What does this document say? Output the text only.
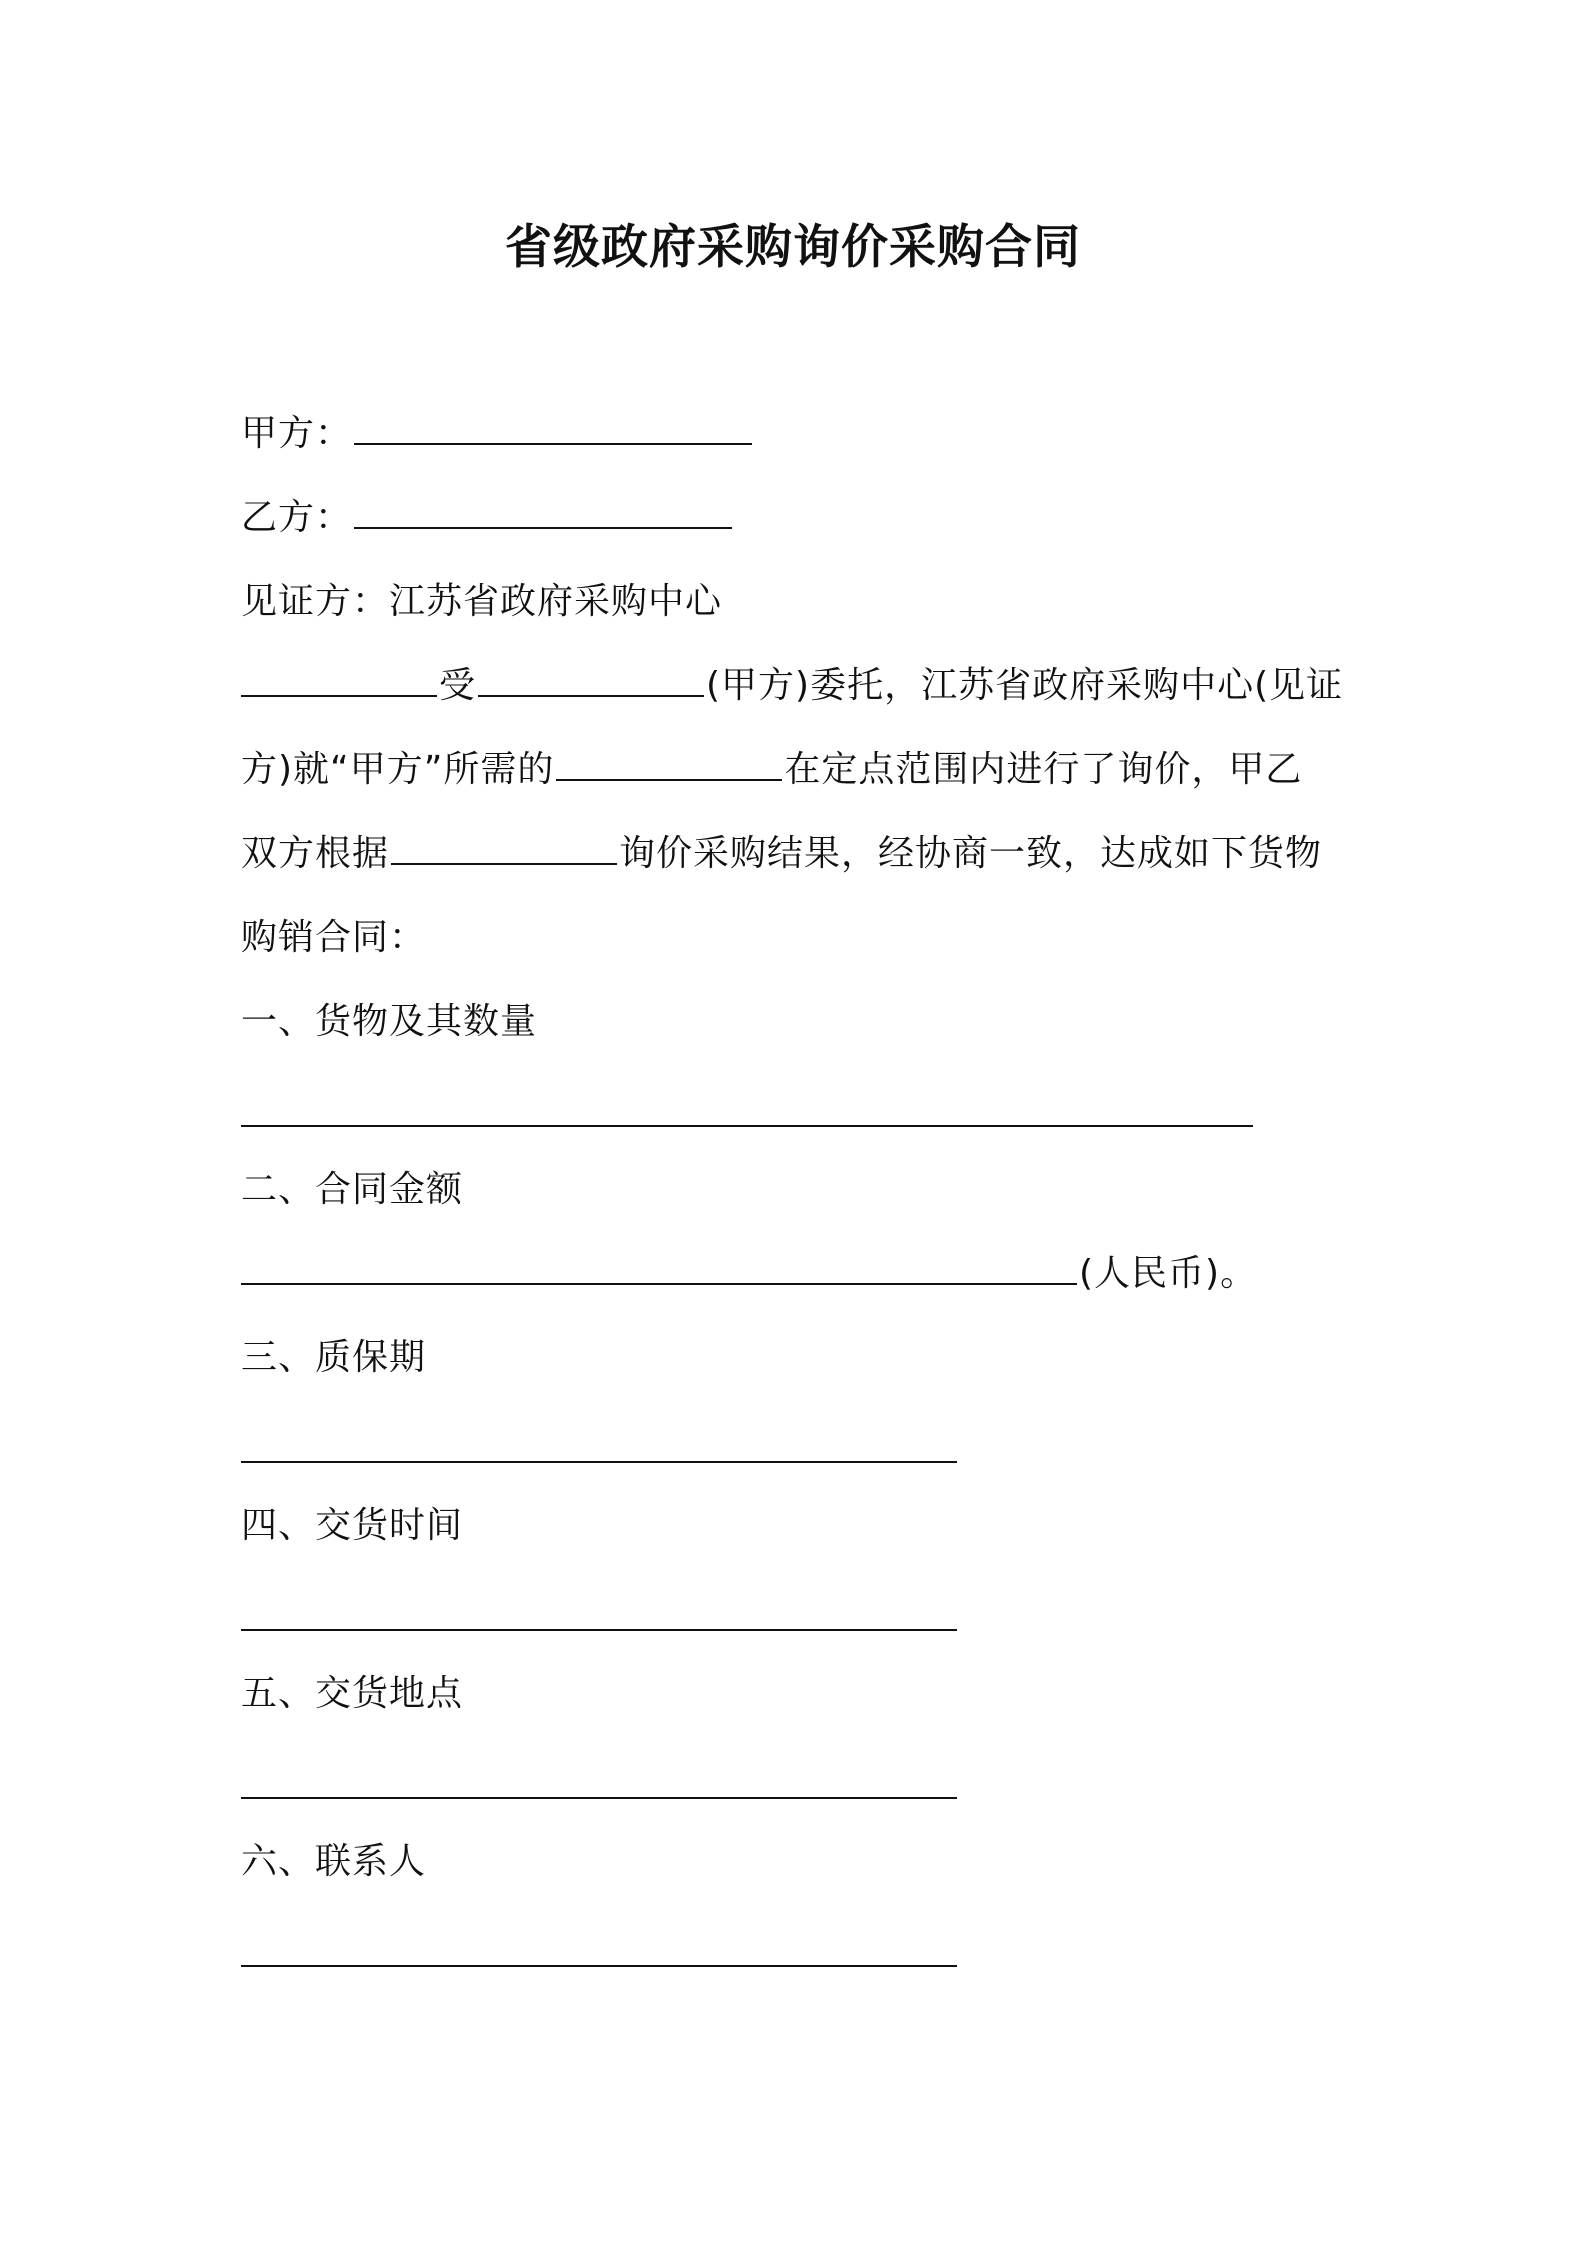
省级政府采购询价采购合同

甲方：

乙方：

见证方：江苏省政府采购中心

受	(甲方)委托，江苏省政府采购中心(见证

方)就“甲方”所需的	在定点范围内进行了询价，甲乙

双方根据	询价采购结果，经协商一致，达成如下货物

购销合同：

一、货物及其数量

二、合同金额

(人民币)。

三、质保期

四、交货时间

五、交货地点

六、联系人
